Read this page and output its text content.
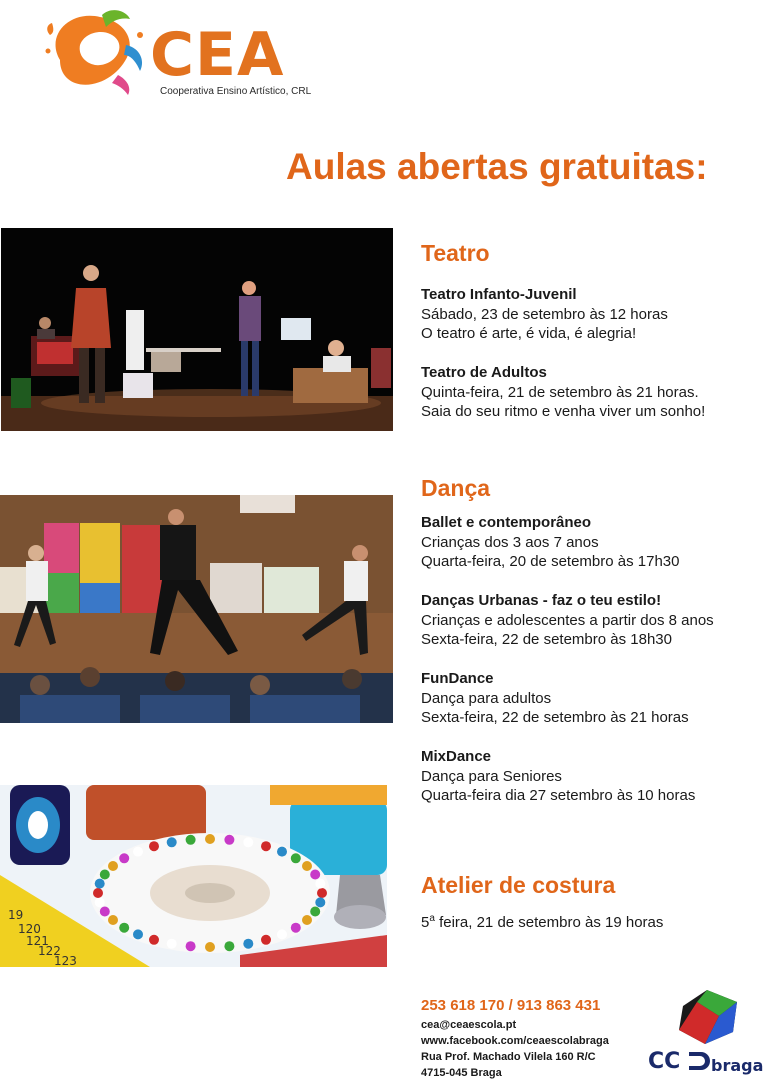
CEA
Cooperativa Ensino Artístico, CRL
Aulas abertas gratuitas:
Teatro
Teatro Infanto-Juvenil
Sábado, 23 de setembro às 12 horas
O teatro é arte, é vida, é alegria!
Teatro de Adultos
Quinta-feira, 21 de setembro às 21 horas.
Saia do seu ritmo e venha viver um sonho!
Dança
Ballet e contemporâneo
Crianças dos 3 aos 7 anos
Quarta-feira, 20 de setembro às 17h30
Danças Urbanas - faz o teu estilo!
Crianças e adolescentes a partir dos 8 anos
Sexta-feira, 22 de setembro às 18h30
FunDance
Dança para adultos
Sexta-feira, 22 de setembro às 21 horas
MixDance
Dança para Seniores
Quarta-feira dia 27 setembro às 10 horas
19
120
121
122
123
Atelier de costura
5$^a$ feira, 21 de setembro às 19 horas
253 618 170 / 913 863 431
cea@ceaescola.pt
www.facebook.com/ceaescolabraga
Rua Prof. Machado Vilela 160 R/C
4715-045 Braga	CC braga
